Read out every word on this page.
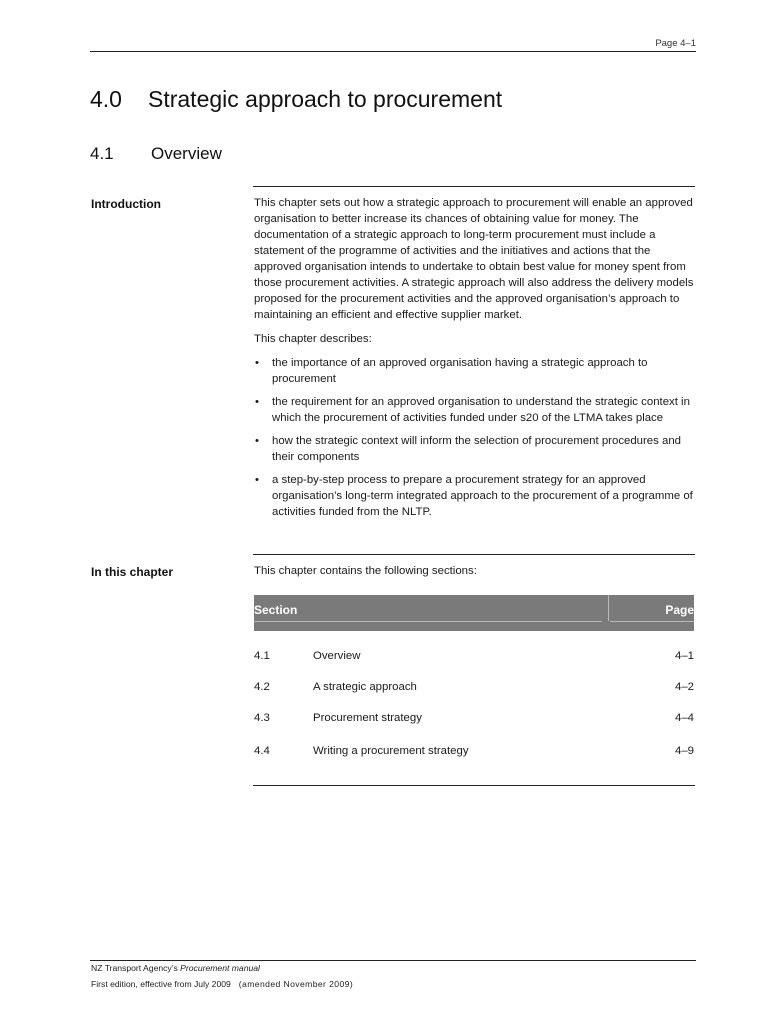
Page 4–1
4.0 Strategic approach to procurement
4.1 Overview
Introduction	This chapter sets out how a strategic approach to procurement will enable an approved organisation to better increase its chances of obtaining value for money. The documentation of a strategic approach to long-term procurement must include a statement of the programme of activities and the initiatives and actions that the approved organisation intends to undertake to obtain best value for money spent from those procurement activities. A strategic approach will also address the delivery models proposed for the procurement activities and the approved organisation’s approach to maintaining an efficient and effective supplier market.

This chapter describes:

• the importance of an approved organisation having a strategic approach to procurement
• the requirement for an approved organisation to understand the strategic context in which the procurement of activities funded under s20 of the LTMA takes place
• how the strategic context will inform the selection of procurement procedures and their components
• a step-by-step process to prepare a procurement strategy for an approved organisation’s long-term integrated approach to the procurement of a programme of activities funded from the NLTP.
In this chapter	This chapter contains the following sections:
Section	Page
4.1	Overview	4–1
4.2	A strategic approach	4–2
4.3	Procurement strategy	4–4
4.4	Writing a procurement strategy	4–9
NZ Transport Agency’s Procurement manual
First edition, effective from July 2009 (amended November 2009)
